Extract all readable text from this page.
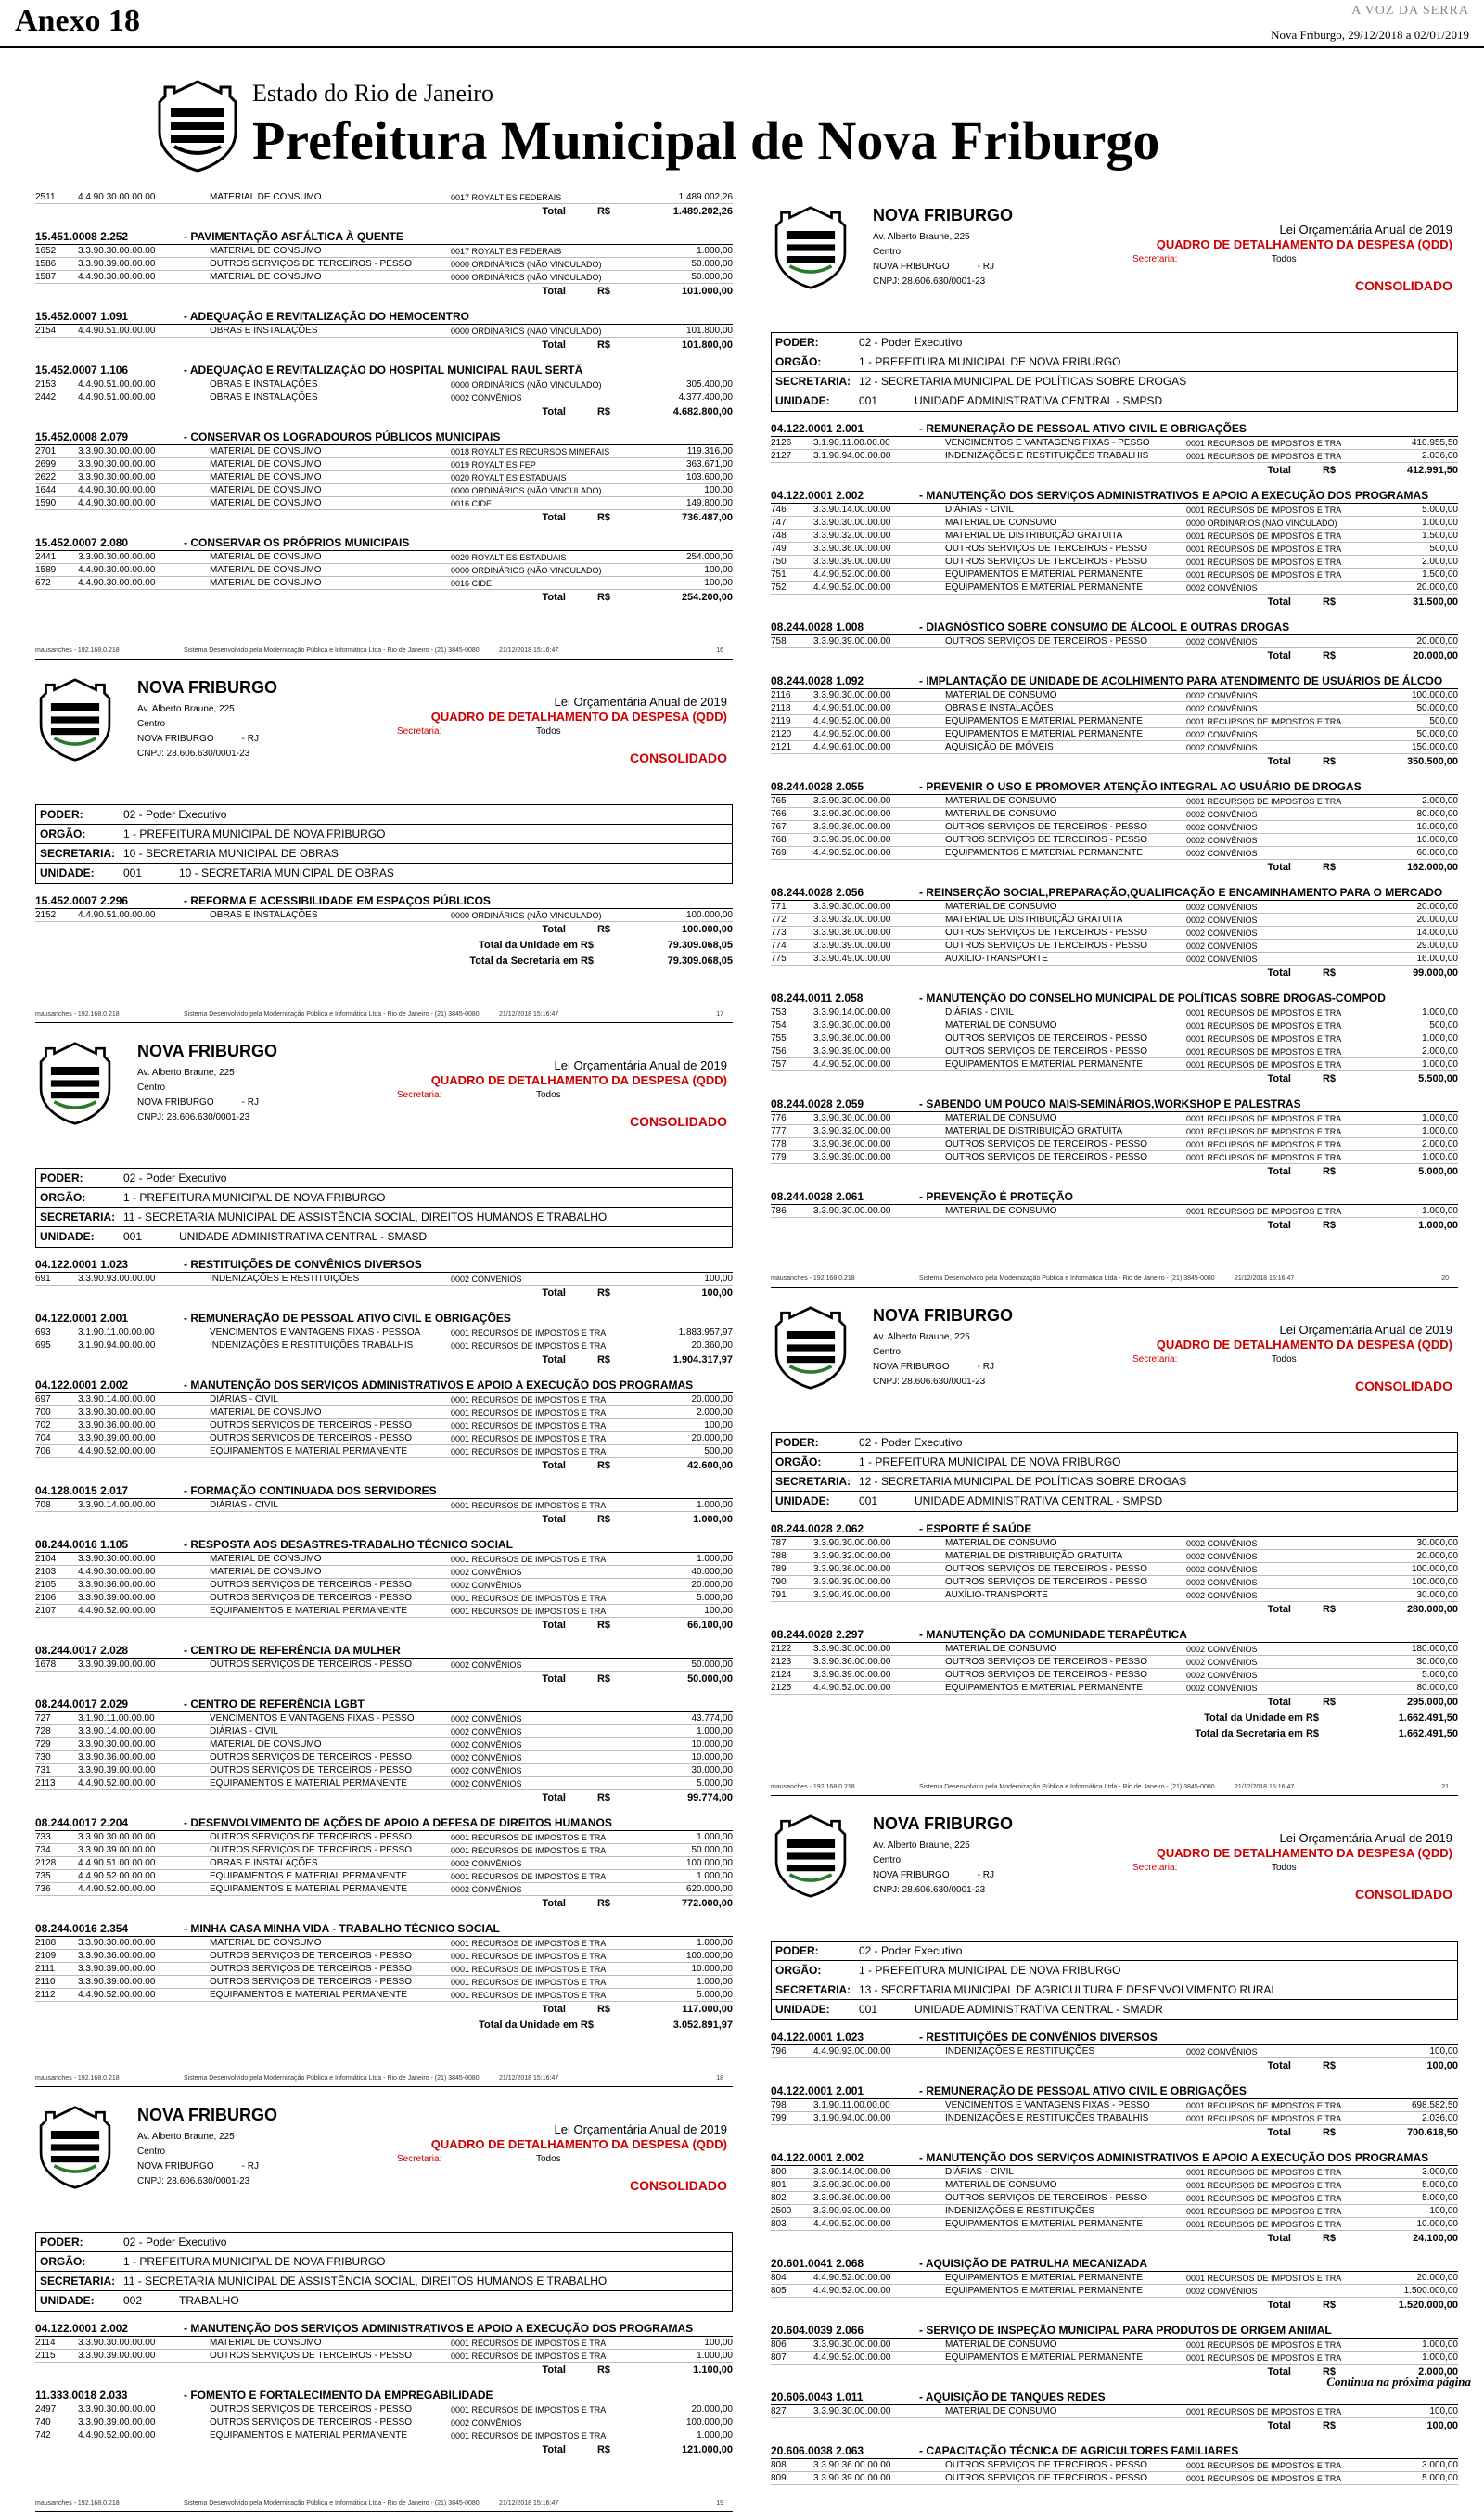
Anexo 18	A VOZ DA SERRA
Nova Friburgo, 29/12/2018 a 02/01/2019
Estado do Rio de Janeiro
Prefeitura Municipal de Nova Friburgo
2511	4.4.90.30.00.00.00	MATERIAL DE CONSUMO	0017 ROYALTIES FEDERAIS	1.489.002,26
Total	R$	1.489.202,26
15.451.0008 2.252	- PAVIMENTAÇÃO ASFÁLTICA À QUENTE
1652	3.3.90.30.00.00.00	MATERIAL DE CONSUMO	0017 ROYALTIES FEDERAIS	1.000,00
1586	3.3.90.39.00.00.00	OUTROS SERVIÇOS DE TERCEIROS - PESSO	0000 ORDINÁRIOS (NÃO VINCULADO)	50.000,00
1587	4.4.90.30.00.00.00	MATERIAL DE CONSUMO	0000 ORDINÁRIOS (NÃO VINCULADO)	50.000,00
Total	R$	101.000,00
15.452.0007 1.091	- ADEQUAÇÃO E REVITALIZAÇÃO DO HEMOCENTRO
2154	4.4.90.51.00.00.00	OBRAS E INSTALAÇÕES	0000 ORDINÁRIOS (NÃO VINCULADO)	101.800,00
Total	R$	101.800,00
15.452.0007 1.106	- ADEQUAÇÃO E REVITALIZAÇÃO DO HOSPITAL MUNICIPAL RAUL SERTÃ
2153	4.4.90.51.00.00.00	OBRAS E INSTALAÇÕES	0000 ORDINÁRIOS (NÃO VINCULADO)	305.400,00
2442	4.4.90.51.00.00.00	OBRAS E INSTALAÇÕES	0002 CONVÊNIOS	4.377.400,00
Total	R$	4.682.800,00
15.452.0008 2.079	- CONSERVAR OS LOGRADOUROS PÚBLICOS MUNICIPAIS
2701	3.3.90.30.00.00.00	MATERIAL DE CONSUMO	0018 ROYALTIES RECURSOS MINERAIS	119.316,00
2699	3.3.90.30.00.00.00	MATERIAL DE CONSUMO	0019 ROYALTIES FEP	363.671,00
2622	3.3.90.30.00.00.00	MATERIAL DE CONSUMO	0020 ROYALTIES ESTADUAIS	103.600,00
1644	4.4.90.30.00.00.00	MATERIAL DE CONSUMO	0000 ORDINÁRIOS (NÃO VINCULADO)	100,00
1590	4.4.90.30.00.00.00	MATERIAL DE CONSUMO	0016 CIDE	149.800,00
Total	R$	736.487,00
15.452.0007 2.080	- CONSERVAR OS PRÓPRIOS MUNICIPAIS
2441	3.3.90.30.00.00.00	MATERIAL DE CONSUMO	0020 ROYALTIES ESTADUAIS	254.000,00
1589	4.4.90.30.00.00.00	MATERIAL DE CONSUMO	0000 ORDINÁRIOS (NÃO VINCULADO)	100,00
672	4.4.90.30.00.00.00	MATERIAL DE CONSUMO	0016 CIDE	100,00
Total	R$	254.200,00
mausanches - 192.168.0.218	Sistema Desenvolvido pela Modernização Pública e Informática Ltda - Rio de Janeiro - (21) 3845-0080	21/12/2018 15:16:47	16
NOVA FRIBURGO
Av. Alberto Braune, 225
Centro
NOVA FRIBURGO	- RJ
CNPJ: 28.606.630/0001-23
Lei Orçamentária Anual de 2019
QUADRO DE DETALHAMENTO DA DESPESA (QDD)
Secretaria:	Todos
CONSOLIDADO
PODER:	02 - Poder Executivo
ORGÃO:	1 - PREFEITURA MUNICIPAL DE NOVA FRIBURGO
SECRETARIA: 10 - SECRETARIA MUNICIPAL DE OBRAS
UNIDADE:	001	10 - SECRETARIA MUNICIPAL DE OBRAS
15.452.0007 2.296	- REFORMA E ACESSIBILIDADE EM ESPAÇOS PÚBLICOS
2152	4.4.90.51.00.00.00	OBRAS E INSTALAÇÕES	0000 ORDINÁRIOS (NÃO VINCULADO)	100.000,00
Total	R$	100.000,00
Total da Unidade em R$	79.309.068,05
Total da Secretaria em R$	79.309.068,05
mausanches - 192.168.0.218	Sistema Desenvolvido pela Modernização Pública e Informática Ltda - Rio de Janeiro - (21) 3845-0080	21/12/2018 15:16:47	17
NOVA FRIBURGO
Av. Alberto Braune, 225
Centro
NOVA FRIBURGO	- RJ
CNPJ: 28.606.630/0001-23
Lei Orçamentária Anual de 2019
QUADRO DE DETALHAMENTO DA DESPESA (QDD)
Secretaria:	Todos
CONSOLIDADO
PODER:	02 - Poder Executivo
ORGÃO:	1 - PREFEITURA MUNICIPAL DE NOVA FRIBURGO
SECRETARIA: 11 - SECRETARIA MUNICIPAL DE ASSISTÊNCIA SOCIAL, DIREITOS HUMANOS E TRABALHO
UNIDADE:	001	UNIDADE ADMINISTRATIVA CENTRAL - SMASD
04.122.0001 1.023	- RESTITUIÇÕES DE CONVÊNIOS DIVERSOS
691	3.3.90.93.00.00.00	INDENIZAÇÕES E RESTITUIÇÕES	0002 CONVÊNIOS	100,00
Total	R$	100,00
04.122.0001 2.001	- REMUNERAÇÃO DE PESSOAL ATIVO CIVIL E OBRIGAÇÕES
693	3.1.90.11.00.00.00	VENCIMENTOS E VANTAGENS FIXAS - PESSOA	0001 RECURSOS DE IMPOSTOS E TRA	1.883.957,97
695	3.1.90.94.00.00.00	INDENIZAÇÕES E RESTITUIÇÕES TRABALHIS	0001 RECURSOS DE IMPOSTOS E TRA	20.360,00
Total	R$	1.904.317,97
04.122.0001 2.002	- MANUTENÇÃO DOS SERVIÇOS ADMINISTRATIVOS E APOIO A EXECUÇÃO DOS PROGRAMAS
697	3.3.90.14.00.00.00	DIÁRIAS - CIVIL	0001 RECURSOS DE IMPOSTOS E TRA	20.000,00
700	3.3.90.30.00.00.00	MATERIAL DE CONSUMO	0001 RECURSOS DE IMPOSTOS E TRA	2.000,00
702	3.3.90.36.00.00.00	OUTROS SERVIÇOS DE TERCEIROS - PESSO	0001 RECURSOS DE IMPOSTOS E TRA	100,00
704	3.3.90.39.00.00.00	OUTROS SERVIÇOS DE TERCEIROS - PESSO	0001 RECURSOS DE IMPOSTOS E TRA	20.000,00
706	4.4.90.52.00.00.00	EQUIPAMENTOS E MATERIAL PERMANENTE	0001 RECURSOS DE IMPOSTOS E TRA	500,00
Total	R$	42.600,00
04.128.0015 2.017	- FORMAÇÃO CONTINUADA DOS SERVIDORES
708	3.3.90.14.00.00.00	DIÁRIAS - CIVIL	0001 RECURSOS DE IMPOSTOS E TRA	1.000,00
Total	R$	1.000,00
08.244.0016 1.105	- RESPOSTA AOS DESASTRES-TRABALHO TÉCNICO SOCIAL
2104	3.3.90.30.00.00.00	MATERIAL DE CONSUMO	0001 RECURSOS DE IMPOSTOS E TRA	1.000,00
2103	4.4.90.30.00.00.00	MATERIAL DE CONSUMO	0002 CONVÊNIOS	40.000,00
2105	3.3.90.36.00.00.00	OUTROS SERVIÇOS DE TERCEIROS - PESSO	0002 CONVÊNIOS	20.000,00
2106	3.3.90.39.00.00.00	OUTROS SERVIÇOS DE TERCEIROS - PESSO	0001 RECURSOS DE IMPOSTOS E TRA	5.000,00
2107	4.4.90.52.00.00.00	EQUIPAMENTOS E MATERIAL PERMANENTE	0001 RECURSOS DE IMPOSTOS E TRA	100,00
Total	R$	66.100,00
08.244.0017 2.028	- CENTRO DE REFERÊNCIA DA MULHER
1678	3.3.90.39.00.00.00	OUTROS SERVIÇOS DE TERCEIROS - PESSO	0002 CONVÊNIOS	50.000,00
Total	R$	50.000,00
08.244.0017 2.029	- CENTRO DE REFERÊNCIA LGBT
727	3.1.90.11.00.00.00	VENCIMENTOS E VANTAGENS FIXAS - PESSO	0002 CONVÊNIOS	43.774,00
728	3.3.90.14.00.00.00	DIÁRIAS - CIVIL	0002 CONVÊNIOS	1.000,00
729	3.3.90.30.00.00.00	MATERIAL DE CONSUMO	0002 CONVÊNIOS	10.000,00
730	3.3.90.36.00.00.00	OUTROS SERVIÇOS DE TERCEIROS - PESSO	0002 CONVÊNIOS	10.000,00
731	3.3.90.39.00.00.00	OUTROS SERVIÇOS DE TERCEIROS - PESSO	0002 CONVÊNIOS	30.000,00
2113	4.4.90.52.00.00.00	EQUIPAMENTOS E MATERIAL PERMANENTE	0002 CONVÊNIOS	5.000,00
Total	R$	99.774,00
08.244.0017 2.204	- DESENVOLVIMENTO DE AÇÕES DE APOIO A DEFESA DE DIREITOS HUMANOS
733	3.3.90.30.00.00.00	OUTROS SERVIÇOS DE TERCEIROS - PESSO	0001 RECURSOS DE IMPOSTOS E TRA	1.000,00
734	3.3.90.39.00.00.00	OUTROS SERVIÇOS DE TERCEIROS - PESSO	0001 RECURSOS DE IMPOSTOS E TRA	50.000,00
2128	4.4.90.51.00.00.00	OBRAS E INSTALAÇÕES	0002 CONVÊNIOS	100.000,00
735	4.4.90.52.00.00.00	EQUIPAMENTOS E MATERIAL PERMANENTE	0001 RECURSOS DE IMPOSTOS E TRA	1.000,00
736	4.4.90.52.00.00.00	EQUIPAMENTOS E MATERIAL PERMANENTE	0002 CONVÊNIOS	620.000,00
Total	R$	772.000,00
08.244.0016 2.354	- MINHA CASA MINHA VIDA - TRABALHO TÉCNICO SOCIAL
2108	3.3.90.30.00.00.00	MATERIAL DE CONSUMO	0001 RECURSOS DE IMPOSTOS E TRA	1.000,00
2109	3.3.90.36.00.00.00	OUTROS SERVIÇOS DE TERCEIROS - PESSO	0001 RECURSOS DE IMPOSTOS E TRA	100.000,00
2111	3.3.90.39.00.00.00	OUTROS SERVIÇOS DE TERCEIROS - PESSO	0001 RECURSOS DE IMPOSTOS E TRA	10.000,00
2110	3.3.90.39.00.00.00	OUTROS SERVIÇOS DE TERCEIROS - PESSO	0001 RECURSOS DE IMPOSTOS E TRA	1.000,00
2112	4.4.90.52.00.00.00	EQUIPAMENTOS E MATERIAL PERMANENTE	0001 RECURSOS DE IMPOSTOS E TRA	5.000,00
Total	R$	117.000,00
Total da Unidade em R$	3.052.891,97
mausanches - 192.168.0.218	Sistema Desenvolvido pela Modernização Pública e Informática Ltda - Rio de Janeiro - (21) 3845-0080	21/12/2018 15:16:47	18
NOVA FRIBURGO
Av. Alberto Braune, 225
Centro
NOVA FRIBURGO	- RJ
CNPJ: 28.606.630/0001-23
Lei Orçamentária Anual de 2019
QUADRO DE DETALHAMENTO DA DESPESA (QDD)
Secretaria:	Todos
CONSOLIDADO
PODER:	02 - Poder Executivo
ORGÃO:	1 - PREFEITURA MUNICIPAL DE NOVA FRIBURGO
SECRETARIA: 11 - SECRETARIA MUNICIPAL DE ASSISTÊNCIA SOCIAL, DIREITOS HUMANOS E TRABALHO
UNIDADE:	002	TRABALHO
04.122.0001 2.002	- MANUTENÇÃO DOS SERVIÇOS ADMINISTRATIVOS E APOIO A EXECUÇÃO DOS PROGRAMAS
2114	3.3.90.30.00.00.00	MATERIAL DE CONSUMO	0001 RECURSOS DE IMPOSTOS E TRA	100,00
2115	3.3.90.39.00.00.00	OUTROS SERVIÇOS DE TERCEIROS - PESSO	0001 RECURSOS DE IMPOSTOS E TRA	1.000,00
Total	R$	1.100,00
11.333.0018 2.033	- FOMENTO E FORTALECIMENTO DA EMPREGABILIDADE
2497	3.3.90.30.00.00.00	OUTROS SERVIÇOS DE TERCEIROS - PESSO	0001 RECURSOS DE IMPOSTOS E TRA	20.000,00
740	3.3.90.39.00.00.00	OUTROS SERVIÇOS DE TERCEIROS - PESSO	0002 CONVÊNIOS	100.000,00
742	4.4.90.52.00.00.00	EQUIPAMENTOS E MATERIAL PERMANENTE	0001 RECURSOS DE IMPOSTOS E TRA	1.000,00
Total	R$	121.000,00
mausanches - 192.168.0.218	Sistema Desenvolvido pela Modernização Pública e Informática Ltda - Rio de Janeiro - (21) 3845-0080	21/12/2018 15:16:47	19
NOVA FRIBURGO
Av. Alberto Braune, 225
Centro
NOVA FRIBURGO	- RJ
CNPJ: 28.606.630/0001-23
Lei Orçamentária Anual de 2019
QUADRO DE DETALHAMENTO DA DESPESA (QDD)
Secretaria:	Todos
CONSOLIDADO
PODER:	02 - Poder Executivo
ORGÃO:	1 - PREFEITURA MUNICIPAL DE NOVA FRIBURGO
SECRETARIA: 12 - SECRETARIA MUNICIPAL DE POLÍTICAS SOBRE DROGAS
UNIDADE:	001	UNIDADE ADMINISTRATIVA CENTRAL - SMPSD
04.122.0001 2.001	- REMUNERAÇÃO DE PESSOAL ATIVO CIVIL E OBRIGAÇÕES
2126	3.1.90.11.00.00.00	VENCIMENTOS E VANTAGENS FIXAS - PESSO	0001 RECURSOS DE IMPOSTOS E TRA	410.955,50
2127	3.1.90.94.00.00.00	INDENIZAÇÕES E RESTITUIÇÕES TRABALHIS	0001 RECURSOS DE IMPOSTOS E TRA	2.036,00
Total	R$	412.991,50
04.122.0001 2.002	- MANUTENÇÃO DOS SERVIÇOS ADMINISTRATIVOS E APOIO A EXECUÇÃO DOS PROGRAMAS
746	3.3.90.14.00.00.00	DIÁRIAS - CIVIL	0001 RECURSOS DE IMPOSTOS E TRA	5.000,00
747	3.3.90.30.00.00.00	MATERIAL DE CONSUMO	0000 ORDINÁRIOS (NÃO VINCULADO)	1.000,00
748	3.3.90.32.00.00.00	MATERIAL DE DISTRIBUIÇÃO GRATUITA	0001 RECURSOS DE IMPOSTOS E TRA	1.500,00
749	3.3.90.36.00.00.00	OUTROS SERVIÇOS DE TERCEIROS - PESSO	0001 RECURSOS DE IMPOSTOS E TRA	500,00
750	3.3.90.39.00.00.00	OUTROS SERVIÇOS DE TERCEIROS - PESSO	0001 RECURSOS DE IMPOSTOS E TRA	2.000,00
751	4.4.90.52.00.00.00	EQUIPAMENTOS E MATERIAL PERMANENTE	0001 RECURSOS DE IMPOSTOS E TRA	1.500,00
752	4.4.90.52.00.00.00	EQUIPAMENTOS E MATERIAL PERMANENTE	0002 CONVÊNIOS	20.000,00
Total	R$	31.500,00
08.244.0028 1.008	- DIAGNÓSTICO SOBRE CONSUMO DE ÁLCOOL E OUTRAS DROGAS
758	3.3.90.39.00.00.00	OUTROS SERVIÇOS DE TERCEIROS - PESSO	0002 CONVÊNIOS	20.000,00
Total	R$	20.000,00
08.244.0028 1.092	- IMPLANTAÇÃO DE UNIDADE DE ACOLHIMENTO PARA ATENDIMENTO DE USUÁRIOS DE ÁLCOO
2116	3.3.90.30.00.00.00	MATERIAL DE CONSUMO	0002 CONVÊNIOS	100.000,00
2118	4.4.90.51.00.00.00	OBRAS E INSTALAÇÕES	0002 CONVÊNIOS	50.000,00
2119	4.4.90.52.00.00.00	EQUIPAMENTOS E MATERIAL PERMANENTE	0001 RECURSOS DE IMPOSTOS E TRA	500,00
2120	4.4.90.52.00.00.00	EQUIPAMENTOS E MATERIAL PERMANENTE	0002 CONVÊNIOS	50.000,00
2121	4.4.90.61.00.00.00	AQUISIÇÃO DE IMÓVEIS	0002 CONVÊNIOS	150.000,00
Total	R$	350.500,00
08.244.0028 2.055	- PREVENIR O USO E PROMOVER ATENÇÃO INTEGRAL AO USUÁRIO DE DROGAS
765	3.3.90.30.00.00.00	MATERIAL DE CONSUMO	0001 RECURSOS DE IMPOSTOS E TRA	2.000,00
766	3.3.90.30.00.00.00	MATERIAL DE CONSUMO	0002 CONVÊNIOS	80.000,00
767	3.3.90.36.00.00.00	OUTROS SERVIÇOS DE TERCEIROS - PESSO	0002 CONVÊNIOS	10.000,00
768	3.3.90.39.00.00.00	OUTROS SERVIÇOS DE TERCEIROS - PESSO	0002 CONVÊNIOS	10.000,00
769	4.4.90.52.00.00.00	EQUIPAMENTOS E MATERIAL PERMANENTE	0002 CONVÊNIOS	60.000,00
Total	R$	162.000,00
08.244.0028 2.056	- REINSERÇÃO SOCIAL,PREPARAÇÃO,QUALIFICAÇÃO E ENCAMINHAMENTO PARA O MERCADO
771	3.3.90.30.00.00.00	MATERIAL DE CONSUMO	0002 CONVÊNIOS	20.000,00
772	3.3.90.32.00.00.00	MATERIAL DE DISTRIBUIÇÃO GRATUITA	0002 CONVÊNIOS	20.000,00
773	3.3.90.36.00.00.00	OUTROS SERVIÇOS DE TERCEIROS - PESSO	0002 CONVÊNIOS	14.000,00
774	3.3.90.39.00.00.00	OUTROS SERVIÇOS DE TERCEIROS - PESSO	0002 CONVÊNIOS	29.000,00
775	3.3.90.49.00.00.00	AUXÍLIO-TRANSPORTE	0002 CONVÊNIOS	16.000,00
Total	R$	99.000,00
08.244.0011 2.058	- MANUTENÇÃO DO CONSELHO MUNICIPAL DE POLÍTICAS SOBRE DROGAS-COMPOD
753	3.3.90.14.00.00.00	DIÁRIAS - CIVIL	0001 RECURSOS DE IMPOSTOS E TRA	1.000,00
754	3.3.90.30.00.00.00	MATERIAL DE CONSUMO	0001 RECURSOS DE IMPOSTOS E TRA	500,00
755	3.3.90.36.00.00.00	OUTROS SERVIÇOS DE TERCEIROS - PESSO	0001 RECURSOS DE IMPOSTOS E TRA	1.000,00
756	3.3.90.39.00.00.00	OUTROS SERVIÇOS DE TERCEIROS - PESSO	0001 RECURSOS DE IMPOSTOS E TRA	2.000,00
757	4.4.90.52.00.00.00	EQUIPAMENTOS E MATERIAL PERMANENTE	0001 RECURSOS DE IMPOSTOS E TRA	1.000,00
Total	R$	5.500,00
08.244.0028 2.059	- SABENDO UM POUCO MAIS-SEMINÁRIOS,WORKSHOP E PALESTRAS
776	3.3.90.30.00.00.00	MATERIAL DE CONSUMO	0001 RECURSOS DE IMPOSTOS E TRA	1.000,00
777	3.3.90.32.00.00.00	MATERIAL DE DISTRIBUIÇÃO GRATUITA	0001 RECURSOS DE IMPOSTOS E TRA	1.000,00
778	3.3.90.36.00.00.00	OUTROS SERVIÇOS DE TERCEIROS - PESSO	0001 RECURSOS DE IMPOSTOS E TRA	2.000,00
779	3.3.90.39.00.00.00	OUTROS SERVIÇOS DE TERCEIROS - PESSO	0001 RECURSOS DE IMPOSTOS E TRA	1.000,00
Total	R$	5.000,00
08.244.0028 2.061	- PREVENÇÃO É PROTEÇÃO
786	3.3.90.30.00.00.00	MATERIAL DE CONSUMO	0001 RECURSOS DE IMPOSTOS E TRA	1.000,00
Total	R$	1.000,00
mausanches - 192.168.0.218	Sistema Desenvolvido pela Modernização Pública e Informática Ltda - Rio de Janeiro - (21) 3845-0080	21/12/2018 15:16:47	20
NOVA FRIBURGO
Av. Alberto Braune, 225
Centro
NOVA FRIBURGO	- RJ
CNPJ: 28.606.630/0001-23
Lei Orçamentária Anual de 2019
QUADRO DE DETALHAMENTO DA DESPESA (QDD)
Secretaria:	Todos
CONSOLIDADO
PODER:	02 - Poder Executivo
ORGÃO:	1 - PREFEITURA MUNICIPAL DE NOVA FRIBURGO
SECRETARIA: 12 - SECRETARIA MUNICIPAL DE POLÍTICAS SOBRE DROGAS
UNIDADE:	001	UNIDADE ADMINISTRATIVA CENTRAL - SMPSD
08.244.0028 2.062	- ESPORTE É SAÚDE
787	3.3.90.30.00.00.00	MATERIAL DE CONSUMO	0002 CONVÊNIOS	30.000,00
788	3.3.90.32.00.00.00	MATERIAL DE DISTRIBUIÇÃO GRATUITA	0002 CONVÊNIOS	20.000,00
789	3.3.90.36.00.00.00	OUTROS SERVIÇOS DE TERCEIROS - PESSO	0002 CONVÊNIOS	100.000,00
790	3.3.90.39.00.00.00	OUTROS SERVIÇOS DE TERCEIROS - PESSO	0002 CONVÊNIOS	100.000,00
791	3.3.90.49.00.00.00	AUXÍLIO-TRANSPORTE	0002 CONVÊNIOS	30.000,00
Total	R$	280.000,00
08.244.0028 2.297	- MANUTENÇÃO DA COMUNIDADE TERAPÊUTICA
2122	3.3.90.30.00.00.00	MATERIAL DE CONSUMO	0002 CONVÊNIOS	180.000,00
2123	3.3.90.36.00.00.00	OUTROS SERVIÇOS DE TERCEIROS - PESSO	0002 CONVÊNIOS	30.000,00
2124	3.3.90.39.00.00.00	OUTROS SERVIÇOS DE TERCEIROS - PESSO	0002 CONVÊNIOS	5.000,00
2125	4.4.90.52.00.00.00	EQUIPAMENTOS E MATERIAL PERMANENTE	0002 CONVÊNIOS	80.000,00
Total	R$	295.000,00
Total da Unidade em R$	1.662.491,50
Total da Secretaria em R$	1.662.491,50
mausanches - 192.168.0.218	Sistema Desenvolvido pela Modernização Pública e Informática Ltda - Rio de Janeiro - (21) 3845-0080	21/12/2018 15:16:47	21
NOVA FRIBURGO
Av. Alberto Braune, 225
Centro
NOVA FRIBURGO	- RJ
CNPJ: 28.606.630/0001-23
Lei Orçamentária Anual de 2019
QUADRO DE DETALHAMENTO DA DESPESA (QDD)
Secretaria:	Todos
CONSOLIDADO
PODER:	02 - Poder Executivo
ORGÃO:	1 - PREFEITURA MUNICIPAL DE NOVA FRIBURGO
SECRETARIA: 13 - SECRETARIA MUNICIPAL DE AGRICULTURA E DESENVOLVIMENTO RURAL
UNIDADE:	001	UNIDADE ADMINISTRATIVA CENTRAL - SMADR
04.122.0001 1.023	- RESTITUIÇÕES DE CONVÊNIOS DIVERSOS
796	4.4.90.93.00.00.00	INDENIZAÇÕES E RESTITUIÇÕES	0002 CONVÊNIOS	100,00
Total	R$	100,00
04.122.0001 2.001	- REMUNERAÇÃO DE PESSOAL ATIVO CIVIL E OBRIGAÇÕES
798	3.1.90.11.00.00.00	VENCIMENTOS E VANTAGENS FIXAS - PESSO	0001 RECURSOS DE IMPOSTOS E TRA	698.582,50
799	3.1.90.94.00.00.00	INDENIZAÇÕES E RESTITUIÇÕES TRABALHIS	0001 RECURSOS DE IMPOSTOS E TRA	2.036,00
Total	R$	700.618,50
04.122.0001 2.002	- MANUTENÇÃO DOS SERVIÇOS ADMINISTRATIVOS E APOIO A EXECUÇÃO DOS PROGRAMAS
800	3.3.90.14.00.00.00	DIÁRIAS - CIVIL	0001 RECURSOS DE IMPOSTOS E TRA	3.000,00
801	3.3.90.30.00.00.00	MATERIAL DE CONSUMO	0001 RECURSOS DE IMPOSTOS E TRA	5.000,00
802	3.3.90.36.00.00.00	OUTROS SERVIÇOS DE TERCEIROS - PESSO	0001 RECURSOS DE IMPOSTOS E TRA	5.000,00
2500	3.3.90.93.00.00.00	INDENIZAÇÕES E RESTITUIÇÕES	0001 RECURSOS DE IMPOSTOS E TRA	100,00
803	4.4.90.52.00.00.00	EQUIPAMENTOS E MATERIAL PERMANENTE	0001 RECURSOS DE IMPOSTOS E TRA	10.000,00
Total	R$	24.100,00
20.601.0041 2.068	- AQUISIÇÃO DE PATRULHA MECANIZADA
804	4.4.90.52.00.00.00	EQUIPAMENTOS E MATERIAL PERMANENTE	0001 RECURSOS DE IMPOSTOS E TRA	20.000,00
805	4.4.90.52.00.00.00	EQUIPAMENTOS E MATERIAL PERMANENTE	0002 CONVÊNIOS	1.500.000,00
Total	R$	1.520.000,00
20.604.0039 2.066	- SERVIÇO DE INSPEÇÃO MUNICIPAL PARA PRODUTOS DE ORIGEM ANIMAL
806	3.3.90.30.00.00.00	MATERIAL DE CONSUMO	0001 RECURSOS DE IMPOSTOS E TRA	1.000,00
807	4.4.90.52.00.00.00	EQUIPAMENTOS E MATERIAL PERMANENTE	0001 RECURSOS DE IMPOSTOS E TRA	1.000,00
Total	R$	2.000,00
20.606.0043 1.011	- AQUISIÇÃO DE TANQUES REDES
827	3.3.90.30.00.00.00	MATERIAL DE CONSUMO	0001 RECURSOS DE IMPOSTOS E TRA	100,00
Total	R$	100,00
20.606.0038 2.063	- CAPACITAÇÃO TÉCNICA DE AGRICULTORES FAMILIARES
808	3.3.90.36.00.00.00	OUTROS SERVIÇOS DE TERCEIROS - PESSO	0001 RECURSOS DE IMPOSTOS E TRA	3.000,00
809	3.3.90.39.00.00.00	OUTROS SERVIÇOS DE TERCEIROS - PESSO	0001 RECURSOS DE IMPOSTOS E TRA	5.000,00
Continua na próxima página
